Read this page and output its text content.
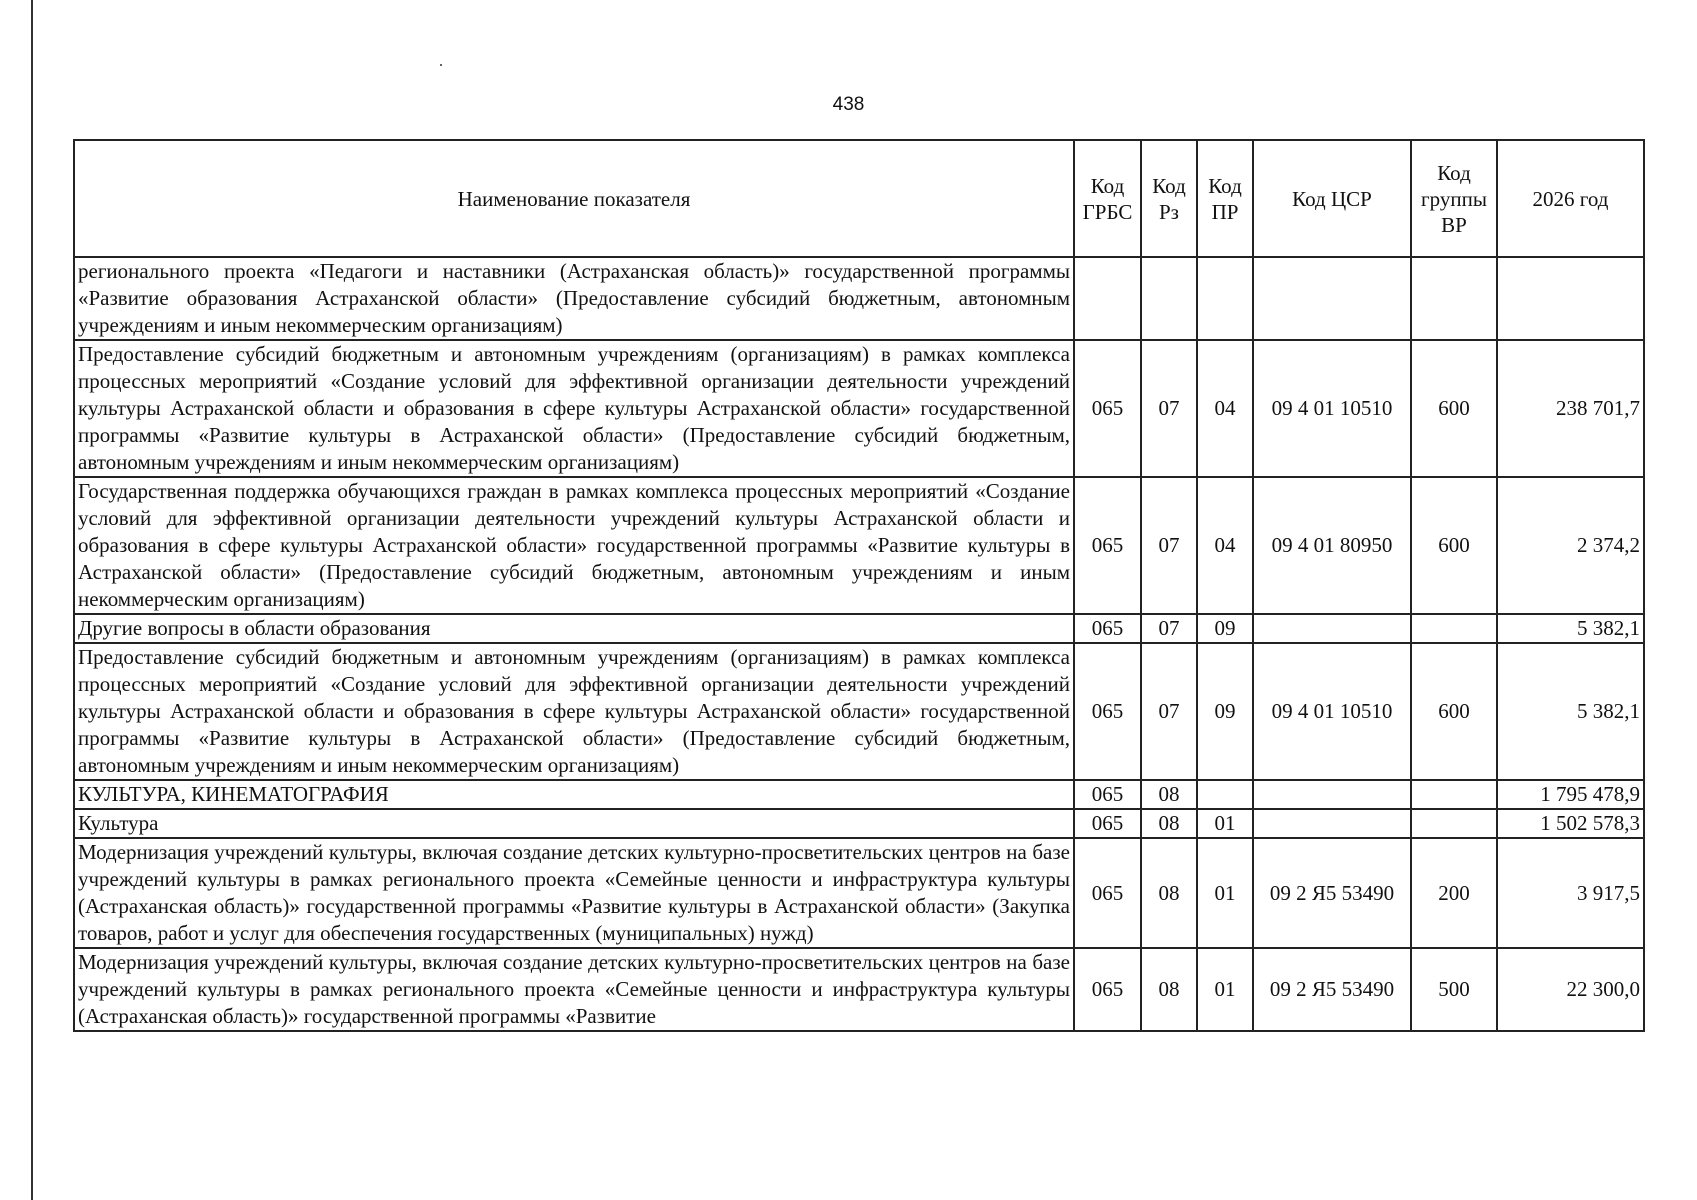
438
Наименование показателя	Код ГРБС	Код Рз	Код ПР	Код ЦСР	Код группы ВР	2026 год
регионального проекта «Педагоги и наставники (Астраханская область)» государственной программы «Развитие образования Астраханской области» (Предоставление субсидий бюджетным, автономным учреждениям и иным некоммерческим организациям)						
Предоставление субсидий бюджетным и автономным учреждениям (организациям) в рамках комплекса процессных мероприятий «Создание условий для эффективной организации деятельности учреждений культуры Астраханской области и образования в сфере культуры Астраханской области» государственной программы «Развитие культуры в Астраханской области» (Предоставление субсидий бюджетным, автономным учреждениям и иным некоммерческим организациям)	065	07	04	09 4 01 10510	600	238 701,7
Государственная поддержка обучающихся граждан в рамках комплекса процессных мероприятий «Создание условий для эффективной организации деятельности учреждений культуры Астраханской области и образования в сфере культуры Астраханской области» государственной программы «Развитие культуры в Астраханской области» (Предоставление субсидий бюджетным, автономным учреждениям и иным некоммерческим организациям)	065	07	04	09 4 01 80950	600	2 374,2
Другие вопросы в области образования	065	07	09			5 382,1
Предоставление субсидий бюджетным и автономным учреждениям (организациям) в рамках комплекса процессных мероприятий «Создание условий для эффективной организации деятельности учреждений культуры Астраханской области и образования в сфере культуры Астраханской области» государственной программы «Развитие культуры в Астраханской области» (Предоставление субсидий бюджетным, автономным учреждениям и иным некоммерческим организациям)	065	07	09	09 4 01 10510	600	5 382,1
КУЛЬТУРА, КИНЕМАТОГРАФИЯ	065	08				1 795 478,9
Культура	065	08	01			1 502 578,3
Модернизация учреждений культуры, включая создание детских культурно-просветительских центров на базе учреждений культуры в рамках регионального проекта «Семейные ценности и инфраструктура культуры (Астраханская область)» государственной программы «Развитие культуры в Астраханской области» (Закупка товаров, работ и услуг для обеспечения государственных (муниципальных) нужд)	065	08	01	09 2 Я5 53490	200	3 917,5

Модернизация учреждений культуры, включая создание детских культурно-просветительских центров на базе учреждений культуры в рамках регионального проекта «Семейные ценности и инфраструктура культуры (Астраханская область)» государственной программы «Развитие	065	08	01	09 2 Я5 53490	500	22 300,0
